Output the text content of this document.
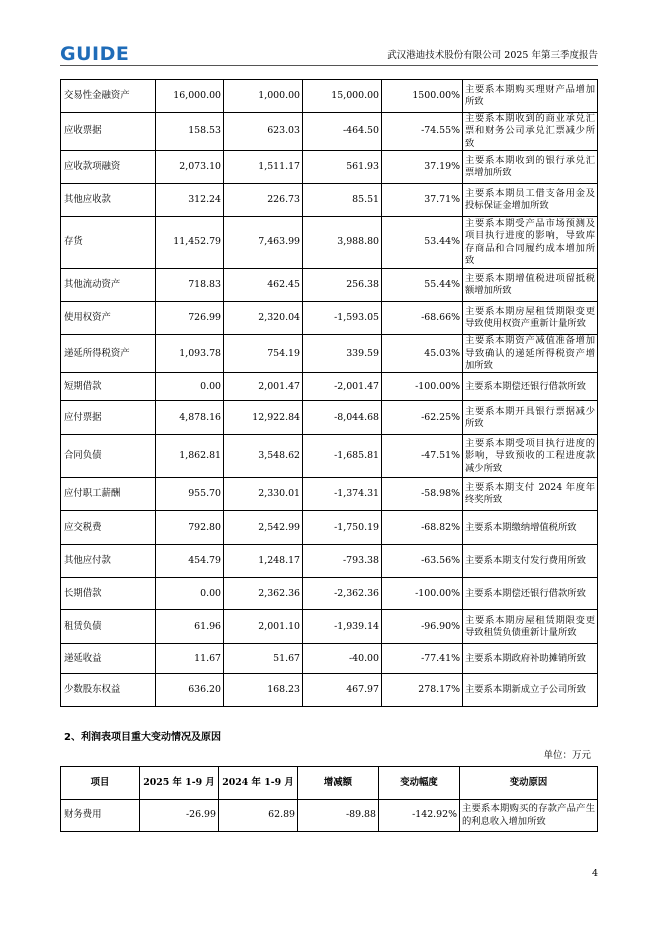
GUIDE	武汉港迪技术股份有限公司 2025 年第三季度报告
交易性金融资产	16,000.00	1,000.00	15,000.00	1500.00%	主要系本期购买理财产品增加所致
应收票据	158.53	623.03	-464.50	-74.55%	主要系本期收到的商业承兑汇票和财务公司承兑汇票减少所致
应收款项融资	2,073.10	1,511.17	561.93	37.19%	主要系本期收到的银行承兑汇票增加所致
其他应收款	312.24	226.73	85.51	37.71%	主要系本期员工借支备用金及投标保证金增加所致
存货	11,452.79	7,463.99	3,988.80	53.44%	主要系本期受产品市场预测及项目执行进度的影响，导致库存商品和合同履约成本增加所致
其他流动资产	718.83	462.45	256.38	55.44%	主要系本期增值税进项留抵税额增加所致
使用权资产	726.99	2,320.04	-1,593.05	-68.66%	主要系本期房屋租赁期限变更导致使用权资产重新计量所致
递延所得税资产	1,093.78	754.19	339.59	45.03%	主要系本期资产减值准备增加导致确认的递延所得税资产增加所致
短期借款	0.00	2,001.47	-2,001.47	-100.00%	主要系本期偿还银行借款所致
应付票据	4,878.16	12,922.84	-8,044.68	-62.25%	主要系本期开具银行票据减少所致
合同负债	1,862.81	3,548.62	-1,685.81	-47.51%	主要系本期受项目执行进度的影响，导致预收的工程进度款减少所致
应付职工薪酬	955.70	2,330.01	-1,374.31	-58.98%	主要系本期支付 2024 年度年终奖所致
应交税费	792.80	2,542.99	-1,750.19	-68.82%	主要系本期缴纳增值税所致
其他应付款	454.79	1,248.17	-793.38	-63.56%	主要系本期支付发行费用所致
长期借款	0.00	2,362.36	-2,362.36	-100.00%	主要系本期偿还银行借款所致
租赁负债	61.96	2,001.10	-1,939.14	-96.90%	主要系本期房屋租赁期限变更导致租赁负债重新计量所致
递延收益	11.67	51.67	-40.00	-77.41%	主要系本期政府补助摊销所致
少数股东权益	636.20	168.23	467.97	278.17%	主要系本期新成立子公司所致
2、利润表项目重大变动情况及原因
单位：万元
项目	2025 年 1-9 月	2024 年 1-9 月	增减额	变动幅度	变动原因
财务费用	-26.99	62.89	-89.88	-142.92%	主要系本期购买的存款产品产生的利息收入增加所致
4
